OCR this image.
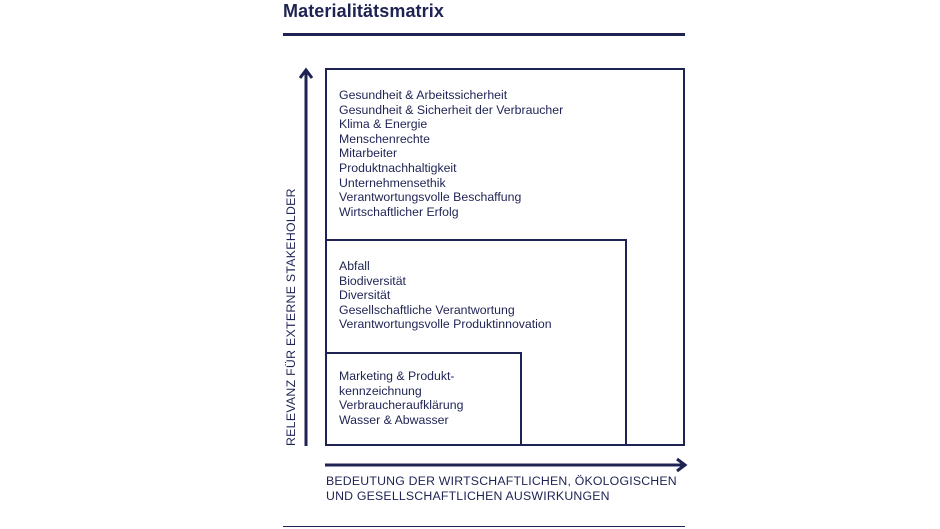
Materialitätsmatrix
RELEVANZ FÜR EXTERNE STAKEHOLDER
Gesundheit & Arbeitssicherheit
Gesundheit & Sicherheit der Verbraucher
Klima & Energie
Menschenrechte
Mitarbeiter
Produktnachhaltigkeit
Unternehmensethik
Verantwortungsvolle Beschaffung
Wirtschaftlicher Erfolg
Abfall
Biodiversität
Diversität
Gesellschaftliche Verantwortung
Verantwortungsvolle Produktinnovation
Marketing & Produkt-
kennzeichnung
Verbraucheraufklärung
Wasser & Abwasser
BEDEUTUNG DER WIRTSCHAFTLICHEN, ÖKOLOGISCHEN
UND GESELLSCHAFTLICHEN AUSWIRKUNGEN
